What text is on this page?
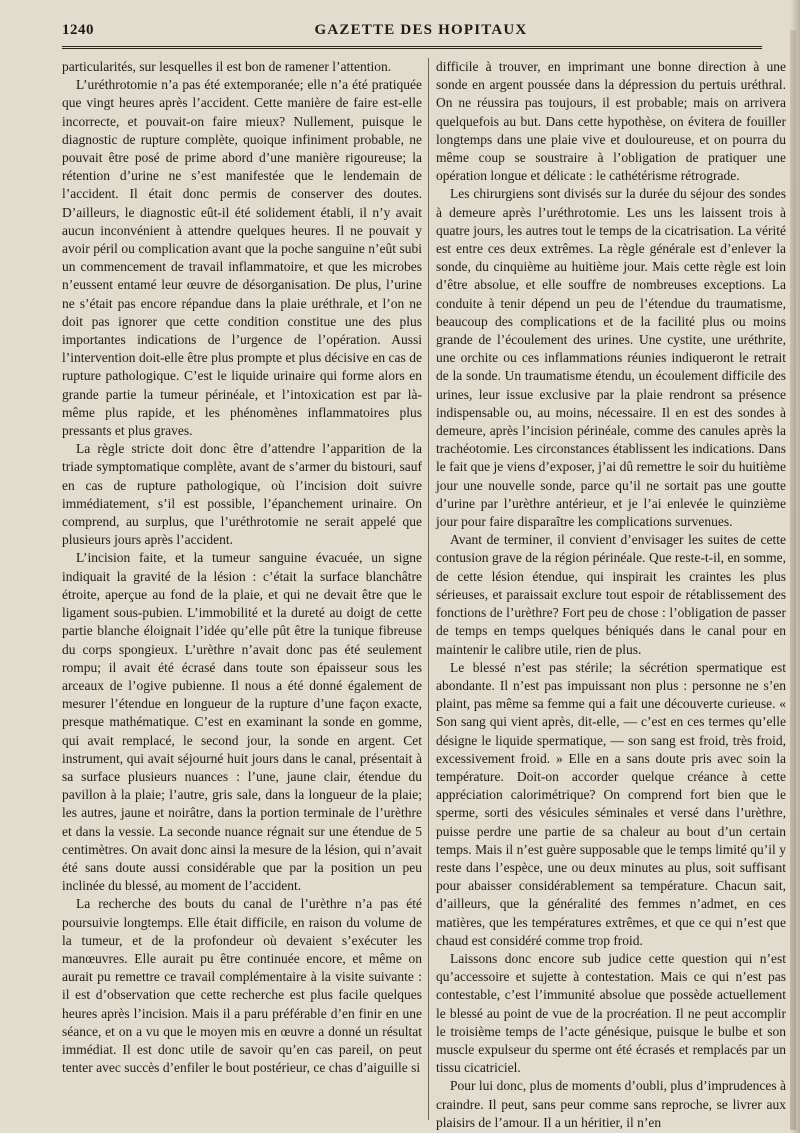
1240	GAZETTE DES HOPITAUX

particularités, sur lesquelles il est bon de ramener l’attention.

L’uréthrotomie n’a pas été extemporanée; elle n’a été pratiquée que vingt heures après l’accident. Cette manière de faire est-elle incorrecte, et pouvait-on faire mieux? Nullement, puisque le diagnostic de rupture complète, quoique infiniment probable, ne pouvait être posé de prime abord d’une manière rigoureuse; la rétention d’urine ne s’est manifestée que le lendemain de l’accident. Il était donc permis de conserver des doutes. D’ailleurs, le diagnostic eût-il été solidement établi, il n’y avait aucun inconvénient à attendre quelques heures. Il ne pouvait y avoir péril ou complication avant que la poche sanguine n’eût subi un commencement de travail inflammatoire, et que les microbes n’eussent entamé leur œuvre de désorganisation. De plus, l’urine ne s’était pas encore répandue dans la plaie uréthrale, et l’on ne doit pas ignorer que cette condition constitue une des plus importantes indications de l’urgence de l’opération. Aussi l’intervention doit-elle être plus prompte et plus décisive en cas de rupture pathologique. C’est le liquide urinaire qui forme alors en grande partie la tumeur périnéale, et l’intoxication est par là-même plus rapide, et les phénomènes inflammatoires plus pressants et plus graves.

La règle stricte doit donc être d’attendre l’apparition de la triade symptomatique complète, avant de s’armer du bistouri, sauf en cas de rupture pathologique, où l’incision doit suivre immédiatement, s’il est possible, l’épanchement urinaire. On comprend, au surplus, que l’uréthrotomie ne serait appelé que plusieurs jours après l’accident.

L’incision faite, et la tumeur sanguine évacuée, un signe indiquait la gravité de la lésion : c’était la surface blanchâtre étroite, aperçue au fond de la plaie, et qui ne devait être que le ligament sous-pubien. L’immobilité et la dureté au doigt de cette partie blanche éloignait l’idée qu’elle pût être la tunique fibreuse du corps spongieux. L’urèthre n’avait donc pas été seulement rompu; il avait été écrasé dans toute son épaisseur sous les arceaux de l’ogive pubienne. Il nous a été donné également de mesurer l’étendue en longueur de la rupture d’une façon exacte, presque mathématique. C’est en examinant la sonde en gomme, qui avait remplacé, le second jour, la sonde en argent. Cet instrument, qui avait séjourné huit jours dans le canal, présentait à sa surface plusieurs nuances : l’une, jaune clair, étendue du pavillon à la plaie; l’autre, gris sale, dans la longueur de la plaie; les autres, jaune et noirâtre, dans la portion terminale de l’urèthre et dans la vessie. La seconde nuance régnait sur une étendue de 5 centimètres. On avait donc ainsi la mesure de la lésion, qui n’avait été sans doute aussi considérable que par la position un peu inclinée du blessé, au moment de l’accident.

La recherche des bouts du canal de l’urèthre n’a pas été poursuivie longtemps. Elle était difficile, en raison du volume de la tumeur, et de la profondeur où devaient s’exécuter les manœuvres. Elle aurait pu être continuée encore, et même on aurait pu remettre ce travail complémentaire à la visite suivante : il est d’observation que cette recherche est plus facile quelques heures après l’incision. Mais il a paru préférable d’en finir en une séance, et on a vu que le moyen mis en œuvre a donné un résultat immédiat. Il est donc utile de savoir qu’en cas pareil, on peut tenter avec succès d’enfiler le bout postérieur, ce chas d’aiguille si

difficile à trouver, en imprimant une bonne direction à une sonde en argent poussée dans la dépression du pertuis uréthral. On ne réussira pas toujours, il est probable; mais on arrivera quelquefois au but. Dans cette hypothèse, on évitera de fouiller longtemps dans une plaie vive et douloureuse, et on pourra du même coup se soustraire à l’obligation de pratiquer une opération longue et délicate : le cathétérisme rétrograde.

Les chirurgiens sont divisés sur la durée du séjour des sondes à demeure après l’uréthrotomie. Les uns les laissent trois à quatre jours, les autres tout le temps de la cicatrisation. La vérité est entre ces deux extrêmes. La règle générale est d’enlever la sonde, du cinquième au huitième jour. Mais cette règle est loin d’être absolue, et elle souffre de nombreuses exceptions. La conduite à tenir dépend un peu de l’étendue du traumatisme, beaucoup des complications et de la facilité plus ou moins grande de l’écoulement des urines. Une cystite, une uréthrite, une orchite ou ces inflammations réunies indiqueront le retrait de la sonde. Un traumatisme étendu, un écoulement difficile des urines, leur issue exclusive par la plaie rendront sa présence indispensable ou, au moins, nécessaire. Il en est des sondes à demeure, après l’incision périnéale, comme des canules après la trachéotomie. Les circonstances établissent les indications. Dans le fait que je viens d’exposer, j’ai dû remettre le soir du huitième jour une nouvelle sonde, parce qu’il ne sortait pas une goutte d’urine par l’urèthre antérieur, et je l’ai enlevée le quinzième jour pour faire disparaître les complications survenues.

Avant de terminer, il convient d’envisager les suites de cette contusion grave de la région périnéale. Que reste-t-il, en somme, de cette lésion étendue, qui inspirait les craintes les plus sérieuses, et paraissait exclure tout espoir de rétablissement des fonctions de l’urèthre? Fort peu de chose : l’obligation de passer de temps en temps quelques béniqués dans le canal pour en maintenir le calibre utile, rien de plus.

Le blessé n’est pas stérile; la sécrétion spermatique est abondante. Il n’est pas impuissant non plus : personne ne s’en plaint, pas même sa femme qui a fait une découverte curieuse. « Son sang qui vient après, dit-elle, — c’est en ces termes qu’elle désigne le liquide spermatique, — son sang est froid, très froid, excessivement froid. » Elle en a sans doute pris avec soin la température. Doit-on accorder quelque créance à cette appréciation calorimétrique? On comprend fort bien que le sperme, sorti des vésicules séminales et versé dans l’urèthre, puisse perdre une partie de sa chaleur au bout d’un certain temps. Mais il n’est guère supposable que le temps limité qu’il y reste dans l’espèce, une ou deux minutes au plus, soit suffisant pour abaisser considérablement sa température. Chacun sait, d’ailleurs, que la généralité des femmes n’admet, en ces matières, que les températures extrêmes, et que ce qui n’est que chaud est considéré comme trop froid.

Laissons donc encore sub judice cette question qui n’est qu’accessoire et sujette à contestation. Mais ce qui n’est pas contestable, c’est l’immunité absolue que possède actuellement le blessé au point de vue de la procréation. Il ne peut accomplir le troisième temps de l’acte génésique, puisque le bulbe et son muscle expulseur du sperme ont été écrasés et remplacés par un tissu cicatriciel.

Pour lui donc, plus de moments d’oubli, plus d’imprudences à craindre. Il peut, sans peur comme sans reproche, se livrer aux plaisirs de l’amour. Il a un héritier, il n’en
